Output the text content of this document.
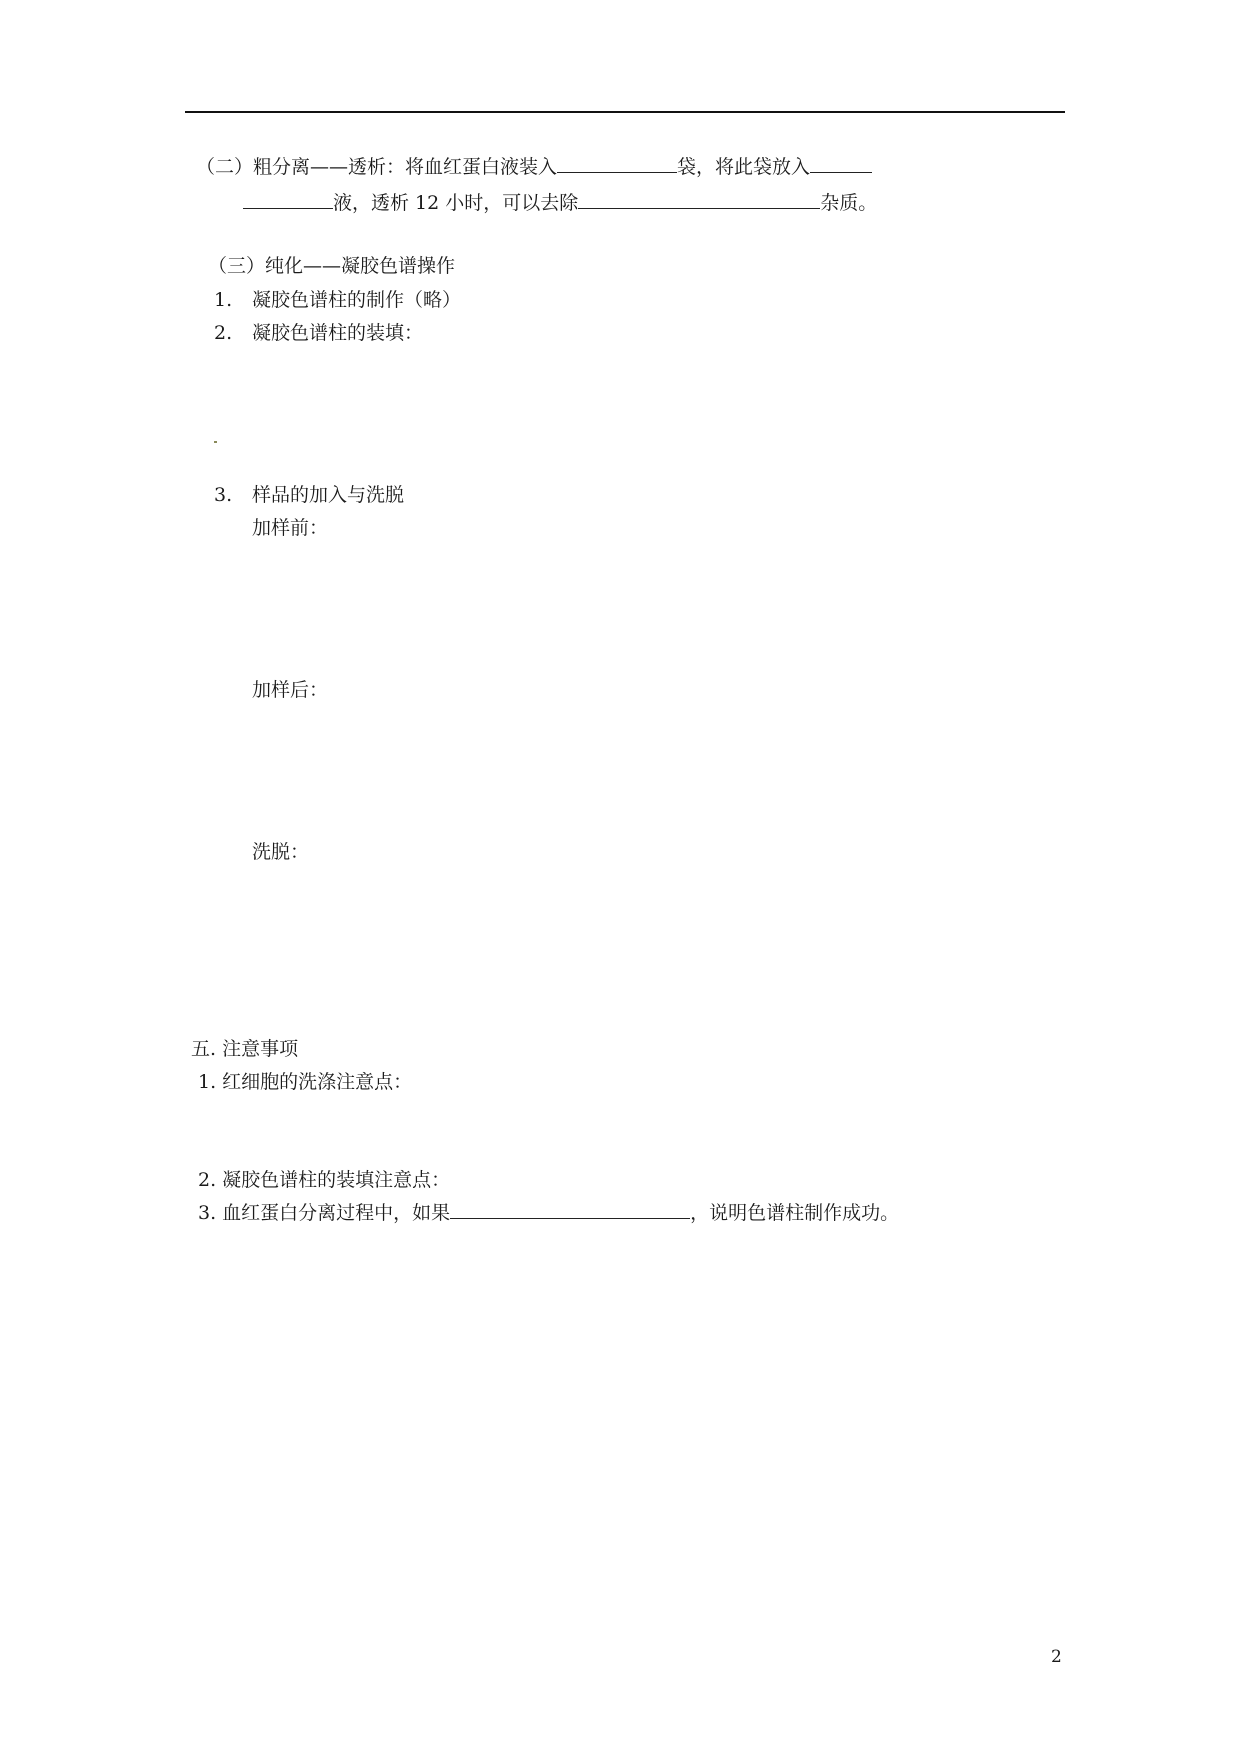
（二）粗分离——透析：将血红蛋白液装入	袋，将此袋放入
液，透析 12 小时，可以去除	杂质。
（三）纯化——凝胶色谱操作
1. 凝胶色谱柱的制作（略）
2. 凝胶色谱柱的装填：
3. 样品的加入与洗脱
加样前：
加样后：
洗脱：
五. 注意事项
1. 红细胞的洗涤注意点：
2. 凝胶色谱柱的装填注意点：
3. 血红蛋白分离过程中，如果	，说明色谱柱制作成功。
2
